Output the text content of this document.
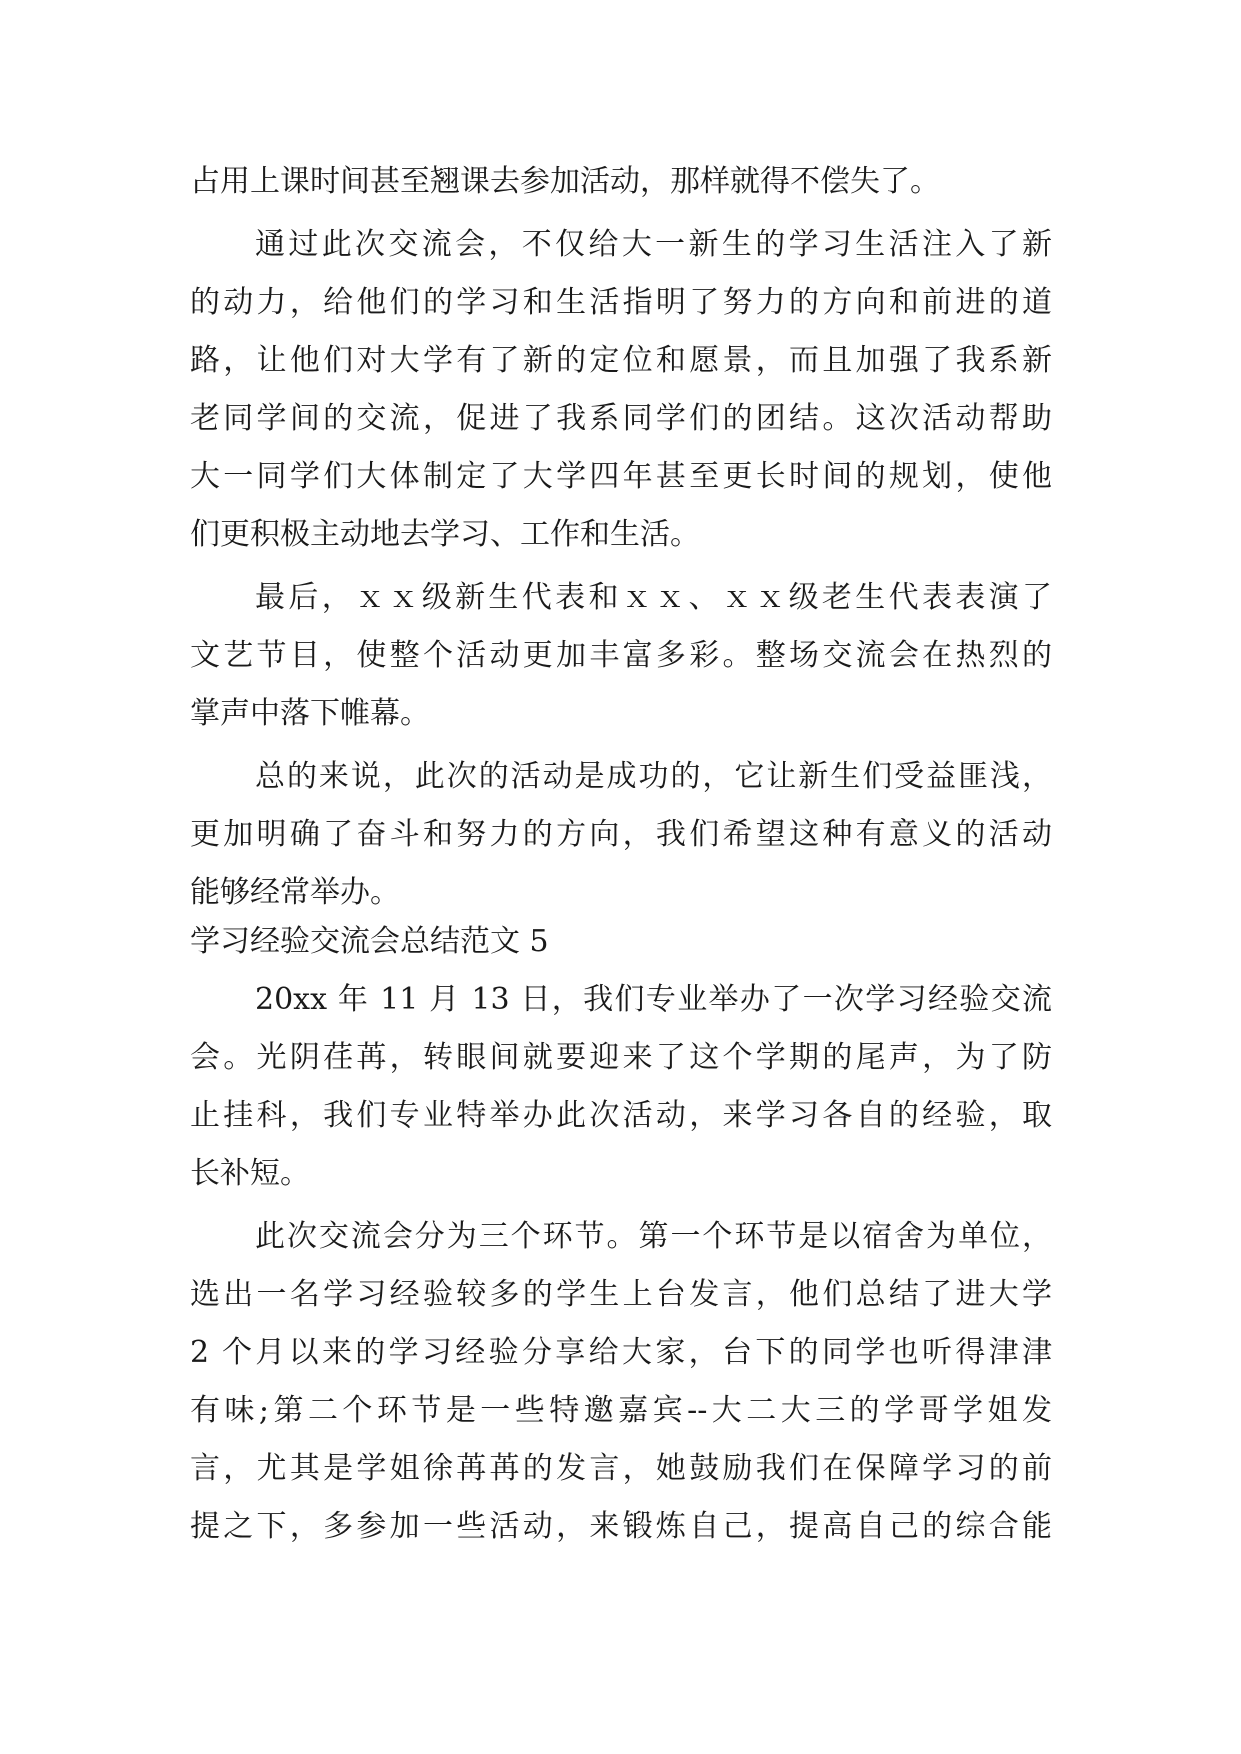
占用上课时间甚至翘课去参加活动，那样就得不偿失了。

通过此次交流会，不仅给大一新生的学习生活注入了新

的动力，给他们的学习和生活指明了努力的方向和前进的道

路，让他们对大学有了新的定位和愿景，而且加强了我系新

老同学间的交流，促进了我系同学们的团结。这次活动帮助

大一同学们大体制定了大学四年甚至更长时间的规划，使他

们更积极主动地去学习、工作和生活。

最后，ｘｘ级新生代表和ｘｘ、ｘｘ级老生代表表演了

文艺节目，使整个活动更加丰富多彩。整场交流会在热烈的

掌声中落下帷幕。

总的来说，此次的活动是成功的，它让新生们受益匪浅，

更加明确了奋斗和努力的方向，我们希望这种有意义的活动

能够经常举办。

学习经验交流会总结范文 5

20xx 年 11 月 13 日，我们专业举办了一次学习经验交流

会。光阴荏苒，转眼间就要迎来了这个学期的尾声，为了防

止挂科，我们专业特举办此次活动，来学习各自的经验，取

长补短。

此次交流会分为三个环节。第一个环节是以宿舍为单位，

选出一名学习经验较多的学生上台发言，他们总结了进大学

2 个月以来的学习经验分享给大家，台下的同学也听得津津

有味;第二个环节是一些特邀嘉宾--大二大三的学哥学姐发

言，尤其是学姐徐苒苒的发言，她鼓励我们在保障学习的前

提之下，多参加一些活动，来锻炼自己，提高自己的综合能
